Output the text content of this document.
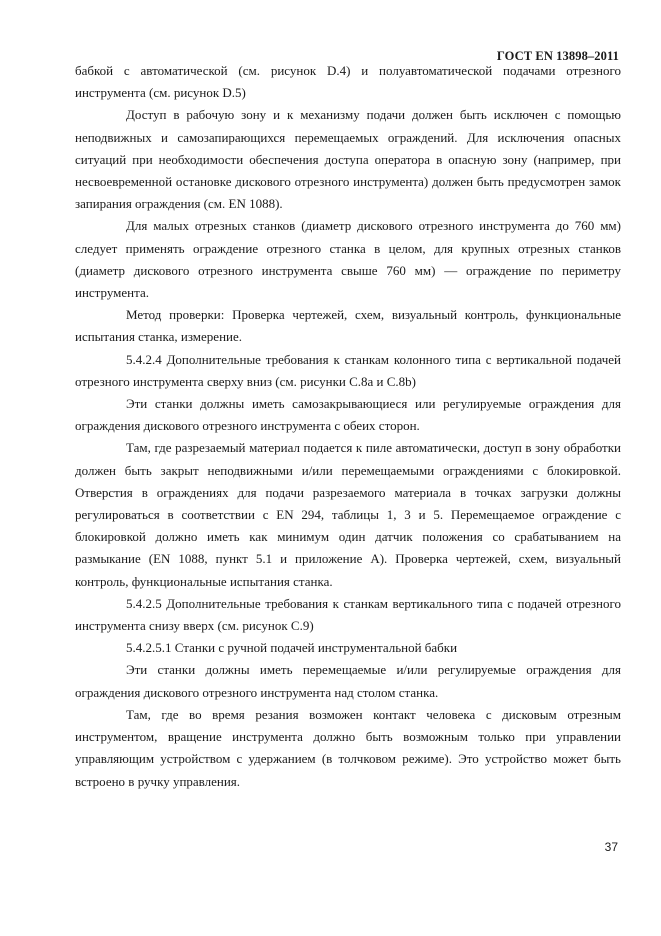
ГОСТ EN 13898–2011

бабкой с автоматической (см. рисунок D.4) и полуавтоматической подачами отрезного инструмента (см. рисунок D.5)

Доступ в рабочую зону и к механизму подачи должен быть исключен с помощью неподвижных и самозапирающихся перемещаемых ограждений. Для исключения опасных ситуаций при необходимости обеспечения доступа оператора в опасную зону (например, при несвоевременной остановке дискового отрезного инструмента) должен быть предусмотрен замок запирания ограждения (см. EN 1088).

Для малых отрезных станков (диаметр дискового отрезного инструмента до 760 мм) следует применять ограждение отрезного станка в целом, для крупных отрезных станков (диаметр дискового отрезного инструмента свыше 760 мм) — ограждение по периметру инструмента.

Метод проверки: Проверка чертежей, схем, визуальный контроль, функциональные испытания станка, измерение.

5.4.2.4 Дополнительные требования к станкам колонного типа с вертикальной подачей отрезного инструмента сверху вниз (см. рисунки С.8a и С.8b)

Эти станки должны иметь самозакрывающиеся или регулируемые ограждения для ограждения дискового отрезного инструмента с обеих сторон.

Там, где разрезаемый материал подается к пиле автоматически, доступ в зону обработки должен быть закрыт неподвижными и/или перемещаемыми ограждениями с блокировкой. Отверстия в ограждениях для подачи разрезаемого материала в точках загрузки должны регулироваться в соответствии с EN 294, таблицы 1, 3 и 5. Перемещаемое ограждение с блокировкой должно иметь как минимум один датчик положения со срабатыванием на размыкание (EN 1088, пункт 5.1 и приложение А). Проверка чертежей, схем, визуальный контроль, функциональные испытания станка.

5.4.2.5 Дополнительные требования к станкам вертикального типа с подачей отрезного инструмента снизу вверх (см. рисунок С.9)

5.4.2.5.1 Станки с ручной подачей инструментальной бабки

Эти станки должны иметь перемещаемые и/или регулируемые ограждения для ограждения дискового отрезного инструмента над столом станка.

Там, где во время резания возможен контакт человека с дисковым отрезным инструментом, вращение инструмента должно быть возможным только при управлении управляющим устройством с удержанием (в толчковом режиме). Это устройство может быть встроено в ручку управления.

37
